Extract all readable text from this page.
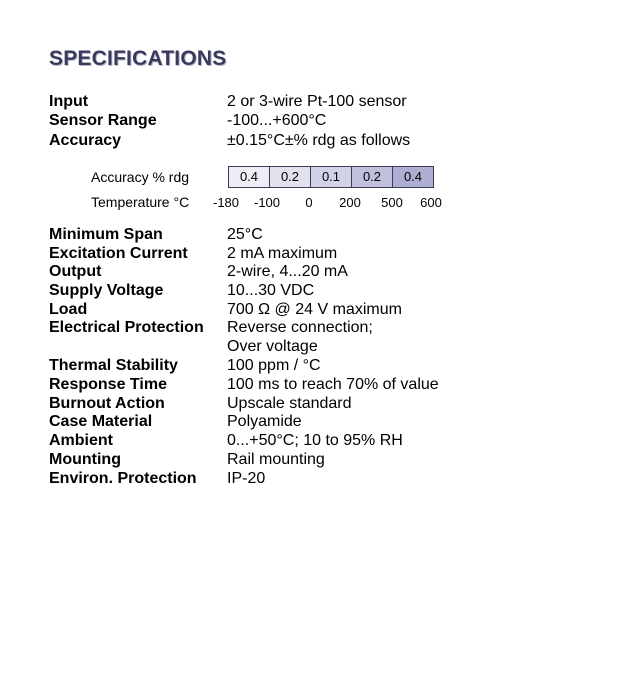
SPECIFICATIONS
Input	2 or 3-wire Pt-100 sensor
Sensor Range	-100...+600°C
Accuracy	±0.15°C±% rdg as follows
Accuracy % rdg	0.4	0.2	0.1	0.2	0.4
Temperature °C -180 -100 0 200 500 600
Minimum Span	25°C
Excitation Current 2 mA maximum
Output	2-wire, 4...20 mA
Supply Voltage	10...30 VDC
Load	700 Ω @ 24 V maximum
Electrical Protection Reverse connection;
Over voltage
Thermal Stability	100 ppm / °C
Response Time	100 ms to reach 70% of value
Burnout Action	Upscale standard
Case Material	Polyamide
Ambient	0...+50°C; 10 to 95% RH
Mounting	Rail mounting
Environ. Protection IP-20
